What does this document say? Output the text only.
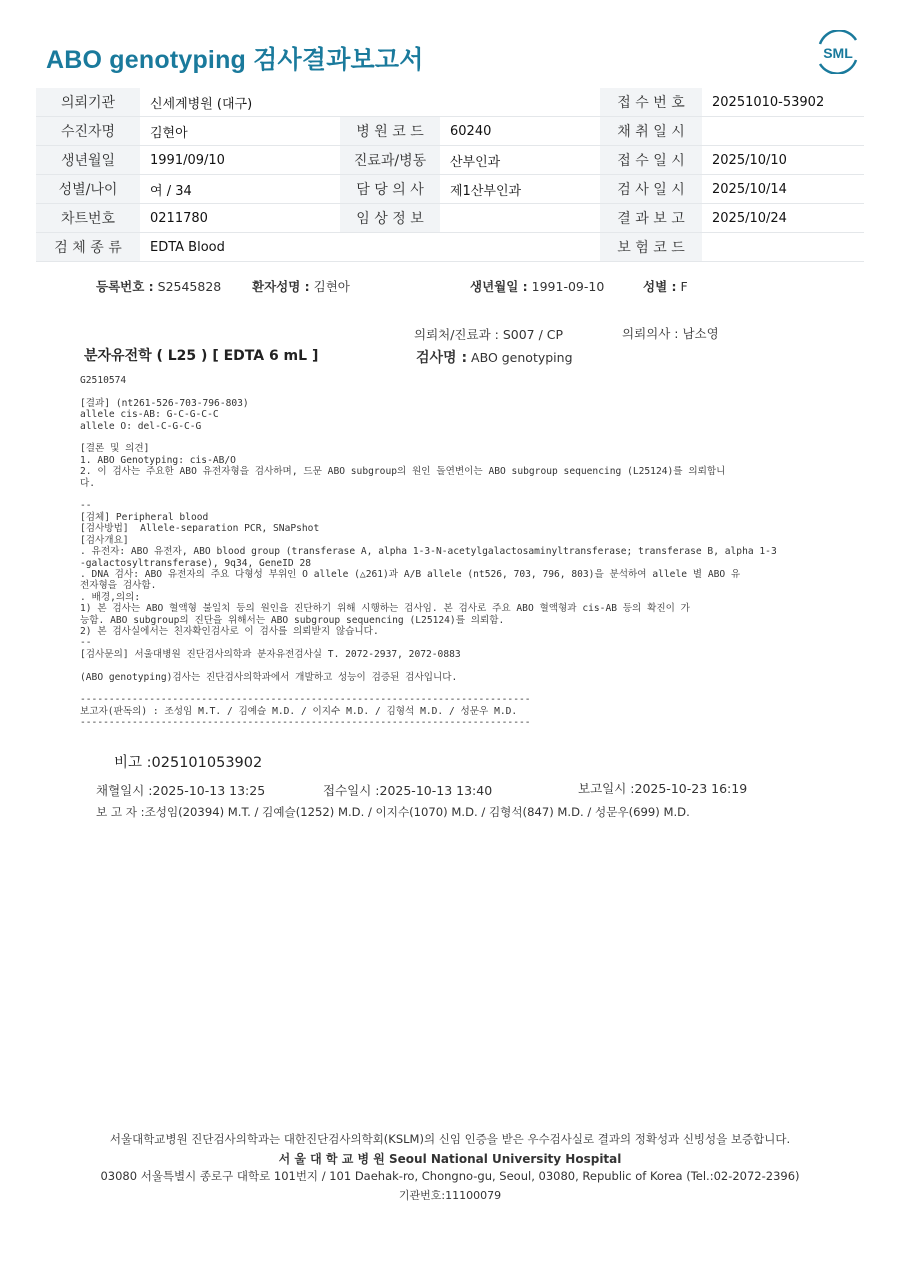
ABO genotyping 검사결과보고서	SML
의뢰기관	신세계병원 (대구)			접 수 번 호	20251010-53902
수진자명	김현아	병 원 코 드	60240	채 취 일 시	
생년월일	1991/09/10	진료과/병동	산부인과	접 수 일 시	2025/10/10
성별/나이	여 / 34	담 당 의 사	제1산부인과	검 사 일 시	2025/10/14
차트번호	0211780	임 상 정 보		결 과 보 고	2025/10/24
검 체 종 류	EDTA Blood			보 험 코 드	
등록번호 : S2545828 환자성명 : 김현아	생년월일 : 1991-09-10	성별 : F
의뢰처/진료과 : S007 / CP	의뢰의사 : 남소영
분자유전학 ( L25 ) [ EDTA 6 mL ]	검사명 : ABO genotyping
G2510574

[결과] (nt261-526-703-796-803)
allele cis-AB: G-C-G-C-C
allele O: del-C-G-C-G

[결론 및 의견]
1. ABO Genotyping: cis-AB/O
2. 이 검사는 주요한 ABO 유전자형을 검사하며, 드문 ABO subgroup의 원인 돌연변이는 ABO subgroup sequencing (L25124)를 의뢰합니
다.

--
[검체] Peripheral blood
[검사방법]  Allele-separation PCR, SNaPshot
[검사개요]
. 유전자: ABO 유전자, ABO blood group (transferase A, alpha 1-3-N-acetylgalactosaminyltransferase; transferase B, alpha 1-3
-galactosyltransferase), 9q34, GeneID 28
. DNA 검사: ABO 유전자의 주요 다형성 부위인 O allele (△261)과 A/B allele (nt526, 703, 796, 803)을 분석하여 allele 별 ABO 유
전자형을 검사함.
. 배경,의의:
1) 본 검사는 ABO 혈액형 불일치 등의 원인을 진단하기 위해 시행하는 검사임. 본 검사로 주요 ABO 혈액형과 cis-AB 등의 확진이 가
능함. ABO subgroup의 진단을 위해서는 ABO subgroup sequencing (L25124)를 의뢰함.
2) 본 검사실에서는 친자확인검사로 이 검사를 의뢰받지 않습니다.
--
[검사문의] 서울대병원 진단검사의학과 분자유전검사실 T. 2072-2937, 2072-0883

(ABO genotyping)검사는 진단검사의학과에서 개발하고 성능이 검증된 검사입니다.

------------------------------------------------------------------------------
보고자(판독의) : 조성임 M.T. / 김예슬 M.D. / 이지수 M.D. / 김형석 M.D. / 성문우 M.D.
------------------------------------------------------------------------------
비고 :025101053902
채혈일시 :2025-10-13 13:25	접수일시 :2025-10-13 13:40	보고일시 :2025-10-23 16:19
보 고 자 :조성임(20394) M.T. / 김예슬(1252) M.D. / 이지수(1070) M.D. / 김형석(847) M.D. / 성문우(699) M.D.
서울대학교병원 진단검사의학과는 대한진단검사의학회(KSLM)의 신임 인증을 받은 우수검사실로 결과의 정확성과 신빙성을 보증합니다.
서 울 대 학 교 병 원 Seoul National University Hospital
03080 서울특별시 종로구 대학로 101번지 / 101 Daehak-ro, Chongno-gu, Seoul, 03080, Republic of Korea (Tel.:02-2072-2396)
기관번호:11100079
